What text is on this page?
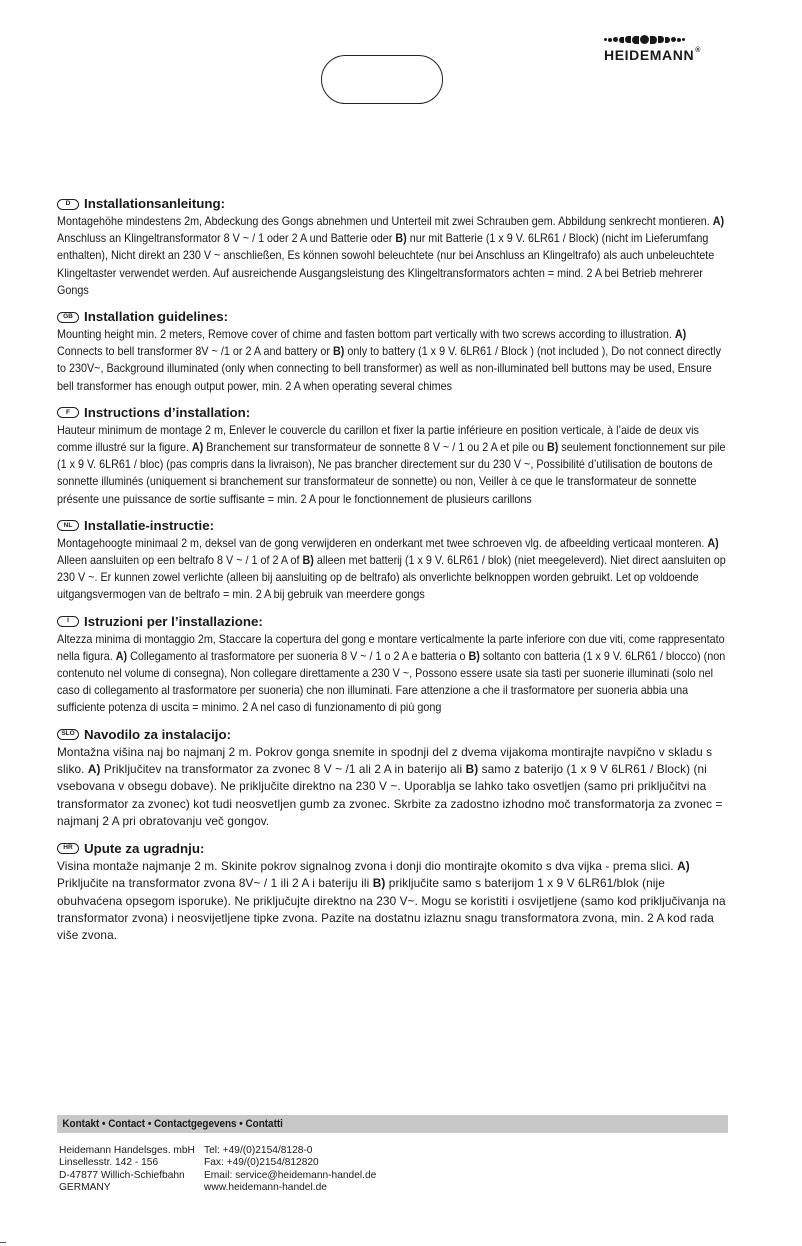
HEIDEMANN®
D	Installationsanleitung:
Montagehöhe mindestens 2m, Abdeckung des Gongs abnehmen und Unterteil mit zwei Schrauben gem. Abbildung senkrecht montieren. A) Anschluss an Klingeltransformator 8 V ~ / 1 oder 2 A und Batterie oder B) nur mit Batterie (1 x 9 V. 6LR61 / Block) (nicht im Lieferumfang enthalten), Nicht direkt an 230 V ~ anschließen, Es können sowohl beleuchtete (nur bei Anschluss an Klingeltrafo) als auch unbeleuchtete Klingeltaster verwendet werden. Auf ausreichende Ausgangsleistung des Klingeltransformators achten = mind. 2 A bei Betrieb mehrerer Gongs
GB Installation guidelines:
Mounting height min. 2 meters, Remove cover of chime and fasten bottom part vertically with two screws according to illustration. A) Connects to bell transformer 8V ~ /1 or 2 A and battery or B) only to battery (1 x 9 V. 6LR61 / Block ) (not included ), Do not connect directly to 230V~, Background illuminated (only when connecting to bell transformer) as well as non-illuminated bell buttons may be used, Ensure bell transformer has enough output power, min. 2 A when operating several chimes
F	Instructions d’installation:
Hauteur minimum de montage 2 m, Enlever le couvercle du carillon et fixer la partie inférieure en position verticale, à l’aide de deux vis comme illustré sur la figure. A) Branchement sur transformateur de sonnette 8 V ~ / 1 ou 2 A et pile ou B) seulement fonctionnement sur pile (1 x 9 V. 6LR61 / bloc) (pas compris dans la livraison), Ne pas brancher directement sur du 230 V ~, Possibilité d’utilisation de boutons de sonnette illuminés (uniquement si branchement sur transformateur de sonnette) ou non, Veiller à ce que le transformateur de sonnette présente une puissance de sortie suffisante = min. 2 A pour le fonctionnement de plusieurs carillons
NL Installatie-instructie:
Montagehoogte minimaal 2 m, deksel van de gong verwijderen en onderkant met twee schroeven vlg. de afbeelding verticaal monteren. A) Alleen aansluiten op een beltrafo 8 V ~ / 1 of 2 A of B) alleen met batterij (1 x 9 V. 6LR61 / blok) (niet meegeleverd). Niet direct aansluiten op 230 V ~. Er kunnen zowel verlichte (alleen bij aansluiting op de beltrafo) als onverlichte belknoppen worden gebruikt. Let op voldoende uitgangsvermogen van de beltrafo = min. 2 A bij gebruik van meerdere gongs
I	Istruzioni per l’installazione:
Altezza minima di montaggio 2m, Staccare la copertura del gong e montare verticalmente la parte inferiore con due viti, come rappresentato nella figura. A) Collegamento al trasformatore per suoneria 8 V ~ / 1 o 2 A e batteria o B) soltanto con batteria (1 x 9 V. 6LR61 / blocco) (non contenuto nel volume di consegna), Non collegare direttamente a 230 V ~, Possono essere usate sia tasti per suonerie illuminati (solo nel caso di collegamento al trasformatore per suoneria) che non illuminati. Fare attenzione a che il trasformatore per suoneria abbia una sufficiente potenza di uscita = minimo. 2 A nel caso di funzionamento di più gong
SLO Navodilo za instalacijo:
Montažna višina naj bo najmanj 2 m. Pokrov gonga snemite in spodnji del z dvema vijakoma montirajte navpično v skladu s sliko. A) Priključitev na transformator za zvonec 8 V ~ /1 ali 2 A in baterijo ali B) samo z baterijo (1 x 9 V 6LR61 / Block) (ni vsebovana v obsegu dobave). Ne priključite direktno na 230 V ~. Uporablja se lahko tako osvetljen (samo pri priključitvi na transformator za zvonec) kot tudi neosvetljen gumb za zvonec. Skrbite za zadostno izhodno moč transformatorja za zvonec = najmanj 2 A pri obratovanju več gongov.
HR Upute za ugradnju:
Visina montaže najmanje 2 m. Skinite pokrov signalnog zvona i donji dio montirajte okomito s dva vijka - prema slici. A) Priključite na transformator zvona 8V~ / 1 ili 2 A i bateriju ili B) priključite samo s baterijom 1 x 9 V 6LR61/blok (nije obuhvaćena opsegom isporuke). Ne priključujte direktno na 230 V~. Mogu se koristiti i osvijetljene (samo kod priključivanja na transformator zvona) i neosvijetljene tipke zvona. Pazite na dostatnu izlaznu snagu transformatora zvona, min. 2 A kod rada više zvona.
Kontakt • Contact • Contactgegevens • Contatti
Heidemann Handelsges. mbH
Linsellesstr. 142 - 156
D-47877 Willich-Schiefbahn
GERMANY
Tel: +49/(0)2154/8128-0
Fax: +49/(0)2154/812820
Email: service@heidemann-handel.de
www.heidemann-handel.de
